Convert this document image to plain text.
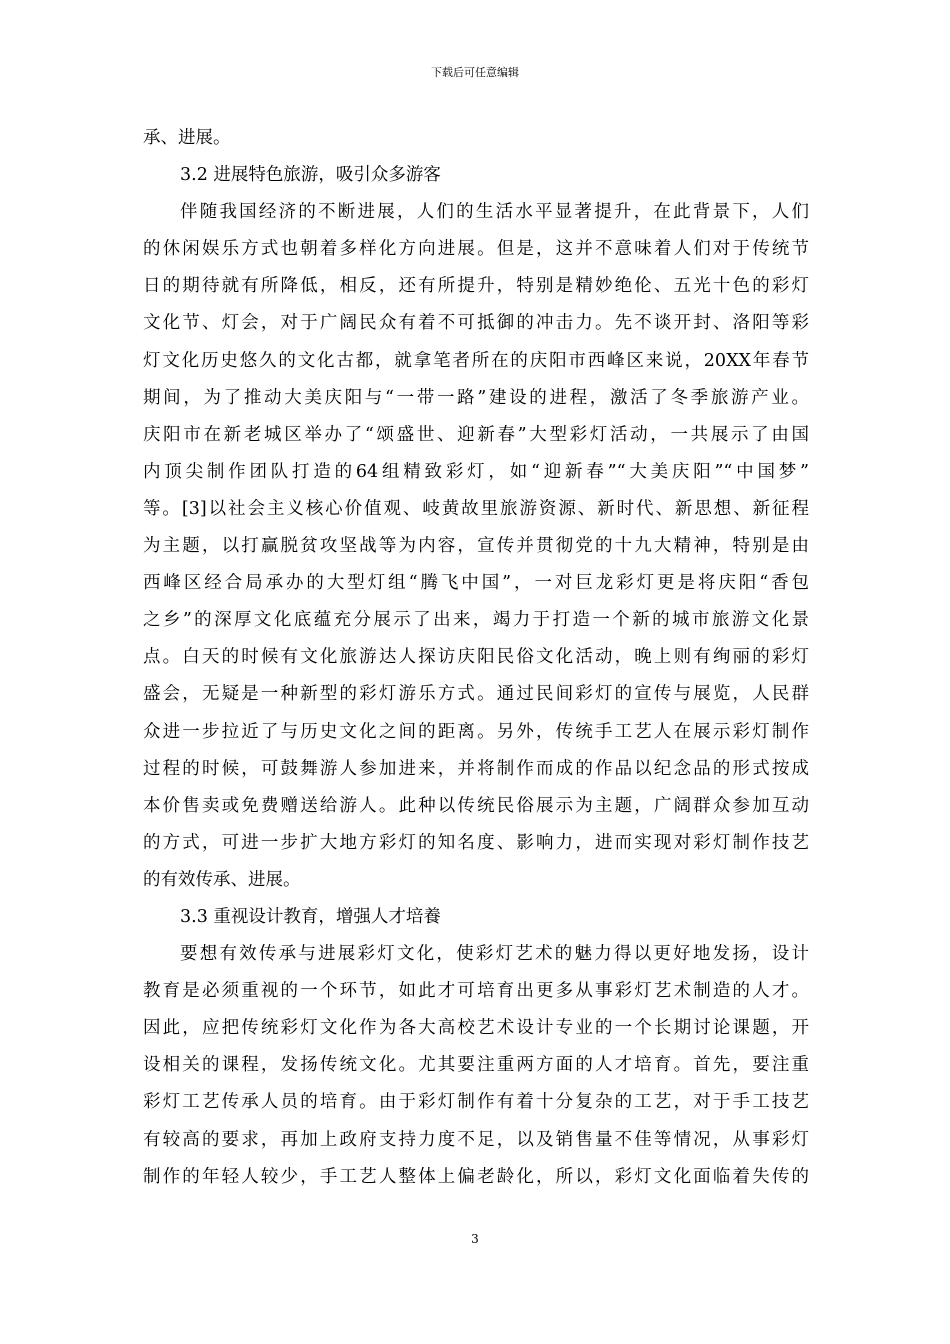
下载后可任意编辑
承、进展。
3.2 进展特色旅游，吸引众多游客
伴随我国经济的不断进展，人们的生活水平显著提升，在此背景下，人们
的休闲娱乐方式也朝着多样化方向进展。但是，这并不意味着人们对于传统节
日的期待就有所降低，相反，还有所提升，特别是精妙绝伦、五光十色的彩灯
文化节、灯会，对于广阔民众有着不可抵御的冲击力。先不谈开封、洛阳等彩
灯文化历史悠久的文化古都，就拿笔者所在的庆阳市西峰区来说，20XX年春节
期间，为了推动大美庆阳与“一带一路”建设的进程，激活了冬季旅游产业。
庆阳市在新老城区举办了“颂盛世、迎新春”大型彩灯活动，一共展示了由国
内顶尖制作团队打造的64组精致彩灯，如“迎新春”“大美庆阳”“中国梦”
等。[3]以社会主义核心价值观、岐黄故里旅游资源、新时代、新思想、新征程
为主题，以打赢脱贫攻坚战等为内容，宣传并贯彻党的十九大精神，特别是由
西峰区经合局承办的大型灯组“腾飞中国”，一对巨龙彩灯更是将庆阳“香包
之乡”的深厚文化底蕴充分展示了出来，竭力于打造一个新的城市旅游文化景
点。白天的时候有文化旅游达人探访庆阳民俗文化活动，晚上则有绚丽的彩灯
盛会，无疑是一种新型的彩灯游乐方式。通过民间彩灯的宣传与展览，人民群
众进一步拉近了与历史文化之间的距离。另外，传统手工艺人在展示彩灯制作
过程的时候，可鼓舞游人参加进来，并将制作而成的作品以纪念品的形式按成
本价售卖或免费赠送给游人。此种以传统民俗展示为主题，广阔群众参加互动
的方式，可进一步扩大地方彩灯的知名度、影响力，进而实现对彩灯制作技艺
的有效传承、进展。
3.3 重视设计教育，增强人才培養
要想有效传承与进展彩灯文化，使彩灯艺术的魅力得以更好地发扬，设计
教育是必须重视的一个环节，如此才可培育出更多从事彩灯艺术制造的人才。
因此，应把传统彩灯文化作为各大高校艺术设计专业的一个长期讨论课题，开
设相关的课程，发扬传统文化。尤其要注重两方面的人才培育。首先，要注重
彩灯工艺传承人员的培育。由于彩灯制作有着十分复杂的工艺，对于手工技艺
有较高的要求，再加上政府支持力度不足，以及销售量不佳等情况，从事彩灯
制作的年轻人较少，手工艺人整体上偏老龄化，所以，彩灯文化面临着失传的
3
